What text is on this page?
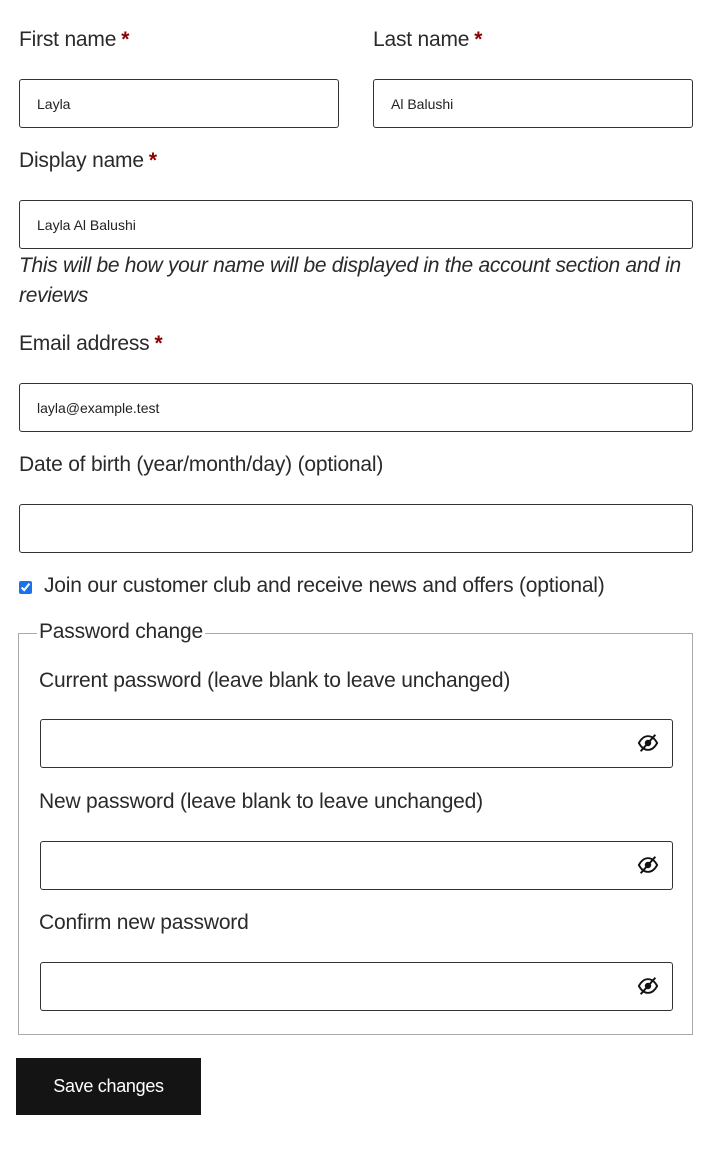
First name *
Layla	Last name *
Al Balushi
Display name *
Layla Al Balushi
This will be how your name will be displayed in the account section and in reviews
Email address *
layla@example.test
Date of birth (year/month/day) (optional)
Join our customer club and receive news and offers (optional)
Password change
Current password (leave blank to leave unchanged)
New password (leave blank to leave unchanged)
Confirm new password
Save changes
